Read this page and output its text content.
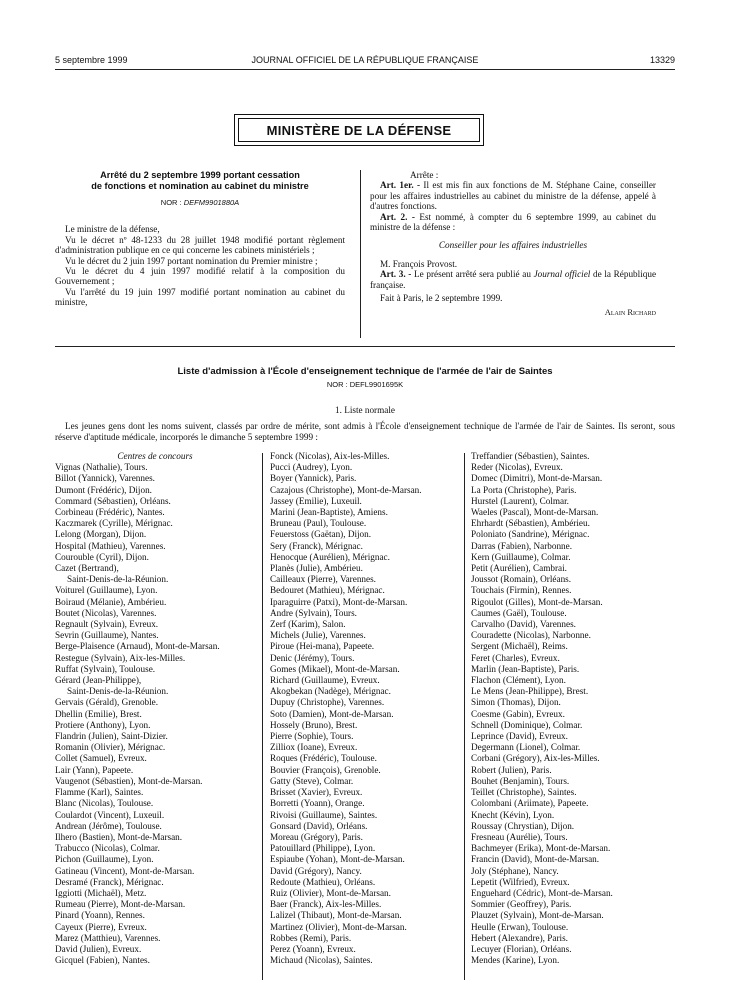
5 septembre 1999	JOURNAL OFFICIEL DE LA RÉPUBLIQUE FRANÇAISE	13329
MINISTÈRE DE LA DÉFENSE
Arrêté du 2 septembre 1999 portant cessation
de fonctions et nomination au cabinet du ministre
NOR : DEFM9901880A

Le ministre de la défense,

Vu le décret nº 48-1233 du 28 juillet 1948 modifié portant règlement d'administration publique en ce qui concerne les cabinets ministériels ;

Vu le décret du 2 juin 1997 portant nomination du Premier ministre ;

Vu le décret du 4 juin 1997 modifié relatif à la composition du Gouvernement ;

Vu l'arrêté du 19 juin 1997 modifié portant nomination au cabinet du ministre,

Arrête :

Art. 1er. - Il est mis fin aux fonctions de M. Stéphane Caine, conseiller pour les affaires industrielles au cabinet du ministre de la défense, appelé à d'autres fonctions.

Art. 2. - Est nommé, à compter du 6 septembre 1999, au cabinet du ministre de la défense :

Conseiller pour les affaires industrielles

M. François Provost.

Art. 3. - Le présent arrêté sera publié au Journal officiel de la République française.

Fait à Paris, le 2 septembre 1999.

Alain Richard
Liste d'admission à l'École d'enseignement technique de l'armée de l'air de Saintes
NOR : DEFL9901695K
1. Liste normale
Les jeunes gens dont les noms suivent, classés par ordre de mérite, sont admis à l'École d'enseignement technique de l'armée de l'air de Saintes. Ils seront, sous réserve d'aptitude médicale, incorporés le dimanche 5 septembre 1999 :
Centres de concours
Vignas (Nathalie), Tours.
Billot (Yannick), Varennes.
Dumont (Frédéric), Dijon.
Commard (Sébastien), Orléans.
Corbineau (Frédéric), Nantes.
Kaczmarek (Cyrille), Mérignac.
Lelong (Morgan), Dijon.
Hospital (Mathieu), Varennes.
Courouble (Cyril), Dijon.
Cazet (Bertrand),
Saint-Denis-de-la-Réunion.
Voiturel (Guillaume), Lyon.
Boiraud (Mélanie), Ambérieu.
Boutet (Nicolas), Varennes.
Regnault (Sylvain), Evreux.
Sevrin (Guillaume), Nantes.
Berge-Plaisence (Arnaud), Mont-de-Marsan.
Restegue (Sylvain), Aix-les-Milles.
Ruffat (Sylvain), Toulouse.
Gérard (Jean-Philippe),
Saint-Denis-de-la-Réunion.
Gervais (Gérald), Grenoble.
Dhellin (Emilie), Brest.
Protiere (Anthony), Lyon.
Flandrin (Julien), Saint-Dizier.
Romanin (Olivier), Mérignac.
Collet (Samuel), Evreux.
Lair (Yann), Papeete.
Vaugenot (Sébastien), Mont-de-Marsan.
Flamme (Karl), Saintes.
Blanc (Nicolas), Toulouse.
Coulardot (Vincent), Luxeuil.
Andrean (Jérôme), Toulouse.
Ilhero (Bastien), Mont-de-Marsan.
Trabucco (Nicolas), Colmar.
Pichon (Guillaume), Lyon.
Gatineau (Vincent), Mont-de-Marsan.
Desramé (Franck), Mérignac.
Iggiotti (Michaël), Metz.
Rumeau (Pierre), Mont-de-Marsan.
Pinard (Yoann), Rennes.
Cayeux (Pierre), Evreux.
Marez (Matthieu), Varennes.
David (Julien), Evreux.
Gicquel (Fabien), Nantes.
Fonck (Nicolas), Aix-les-Milles.
Pucci (Audrey), Lyon.
Boyer (Yannick), Paris.
Cazajous (Christophe), Mont-de-Marsan.
Jassey (Emilie), Luxeuil.
Marini (Jean-Baptiste), Amiens.
Bruneau (Paul), Toulouse.
Feuerstoss (Gaëtan), Dijon.
Sery (Franck), Mérignac.
Henocque (Aurélien), Mérignac.
Planès (Julie), Ambérieu.
Cailleaux (Pierre), Varennes.
Bedouret (Mathieu), Mérignac.
Iparaguirre (Patxi), Mont-de-Marsan.
Andre (Sylvain), Tours.
Zerf (Karim), Salon.
Michels (Julie), Varennes.
Piroue (Hei-mana), Papeete.
Denic (Jérémy), Tours.
Gomes (Mikael), Mont-de-Marsan.
Richard (Guillaume), Evreux.
Akogbekan (Nadège), Mérignac.
Dupuy (Christophe), Varennes.
Soto (Damien), Mont-de-Marsan.
Hossely (Bruno), Brest.
Pierre (Sophie), Tours.
Zilliox (Ioane), Evreux.
Roques (Frédéric), Toulouse.
Bouvier (François), Grenoble.
Gatty (Steve), Colmar.
Brisset (Xavier), Evreux.
Borretti (Yoann), Orange.
Rivoisi (Guillaume), Saintes.
Gonsard (David), Orléans.
Moreau (Grégory), Paris.
Patouillard (Philippe), Lyon.
Espiaube (Yohan), Mont-de-Marsan.
David (Grégory), Nancy.
Redoute (Mathieu), Orléans.
Ruiz (Olivier), Mont-de-Marsan.
Baer (Franck), Aix-les-Milles.
Lalizel (Thibaut), Mont-de-Marsan.
Martinez (Olivier), Mont-de-Marsan.
Robbes (Remi), Paris.
Perez (Yoann), Evreux.
Michaud (Nicolas), Saintes.
Treffandier (Sébastien), Saintes.
Reder (Nicolas), Evreux.
Domec (Dimitri), Mont-de-Marsan.
La Porta (Christophe), Paris.
Hurstel (Laurent), Colmar.
Waeles (Pascal), Mont-de-Marsan.
Ehrhardt (Sébastien), Ambérieu.
Poloniato (Sandrine), Mérignac.
Darras (Fabien), Narbonne.
Kern (Guillaume), Colmar.
Petit (Aurélien), Cambrai.
Joussot (Romain), Orléans.
Touchais (Firmin), Rennes.
Rigoulot (Gilles), Mont-de-Marsan.
Caumes (Gaël), Toulouse.
Carvalho (David), Varennes.
Couradette (Nicolas), Narbonne.
Sergent (Michaël), Reims.
Feret (Charles), Evreux.
Marlin (Jean-Baptiste), Paris.
Flachon (Clément), Lyon.
Le Mens (Jean-Philippe), Brest.
Simon (Thomas), Dijon.
Coesme (Gabin), Evreux.
Schnell (Dominique), Colmar.
Leprince (David), Evreux.
Degermann (Lionel), Colmar.
Corbani (Grégory), Aix-les-Milles.
Robert (Julien), Paris.
Bouhet (Benjamin), Tours.
Teillet (Christophe), Saintes.
Colombani (Ariimate), Papeete.
Knecht (Kévin), Lyon.
Roussay (Chrystian), Dijon.
Fresneau (Aurélie), Tours.
Bachmeyer (Erika), Mont-de-Marsan.
Francin (David), Mont-de-Marsan.
Joly (Stéphane), Nancy.
Lepetit (Wilfried), Evreux.
Enguehard (Cédric), Mont-de-Marsan.
Sommier (Geoffrey), Paris.
Plauzet (Sylvain), Mont-de-Marsan.
Heulle (Erwan), Toulouse.
Hebert (Alexandre), Paris.
Lecuyer (Florian), Orléans.
Mendes (Karine), Lyon.
